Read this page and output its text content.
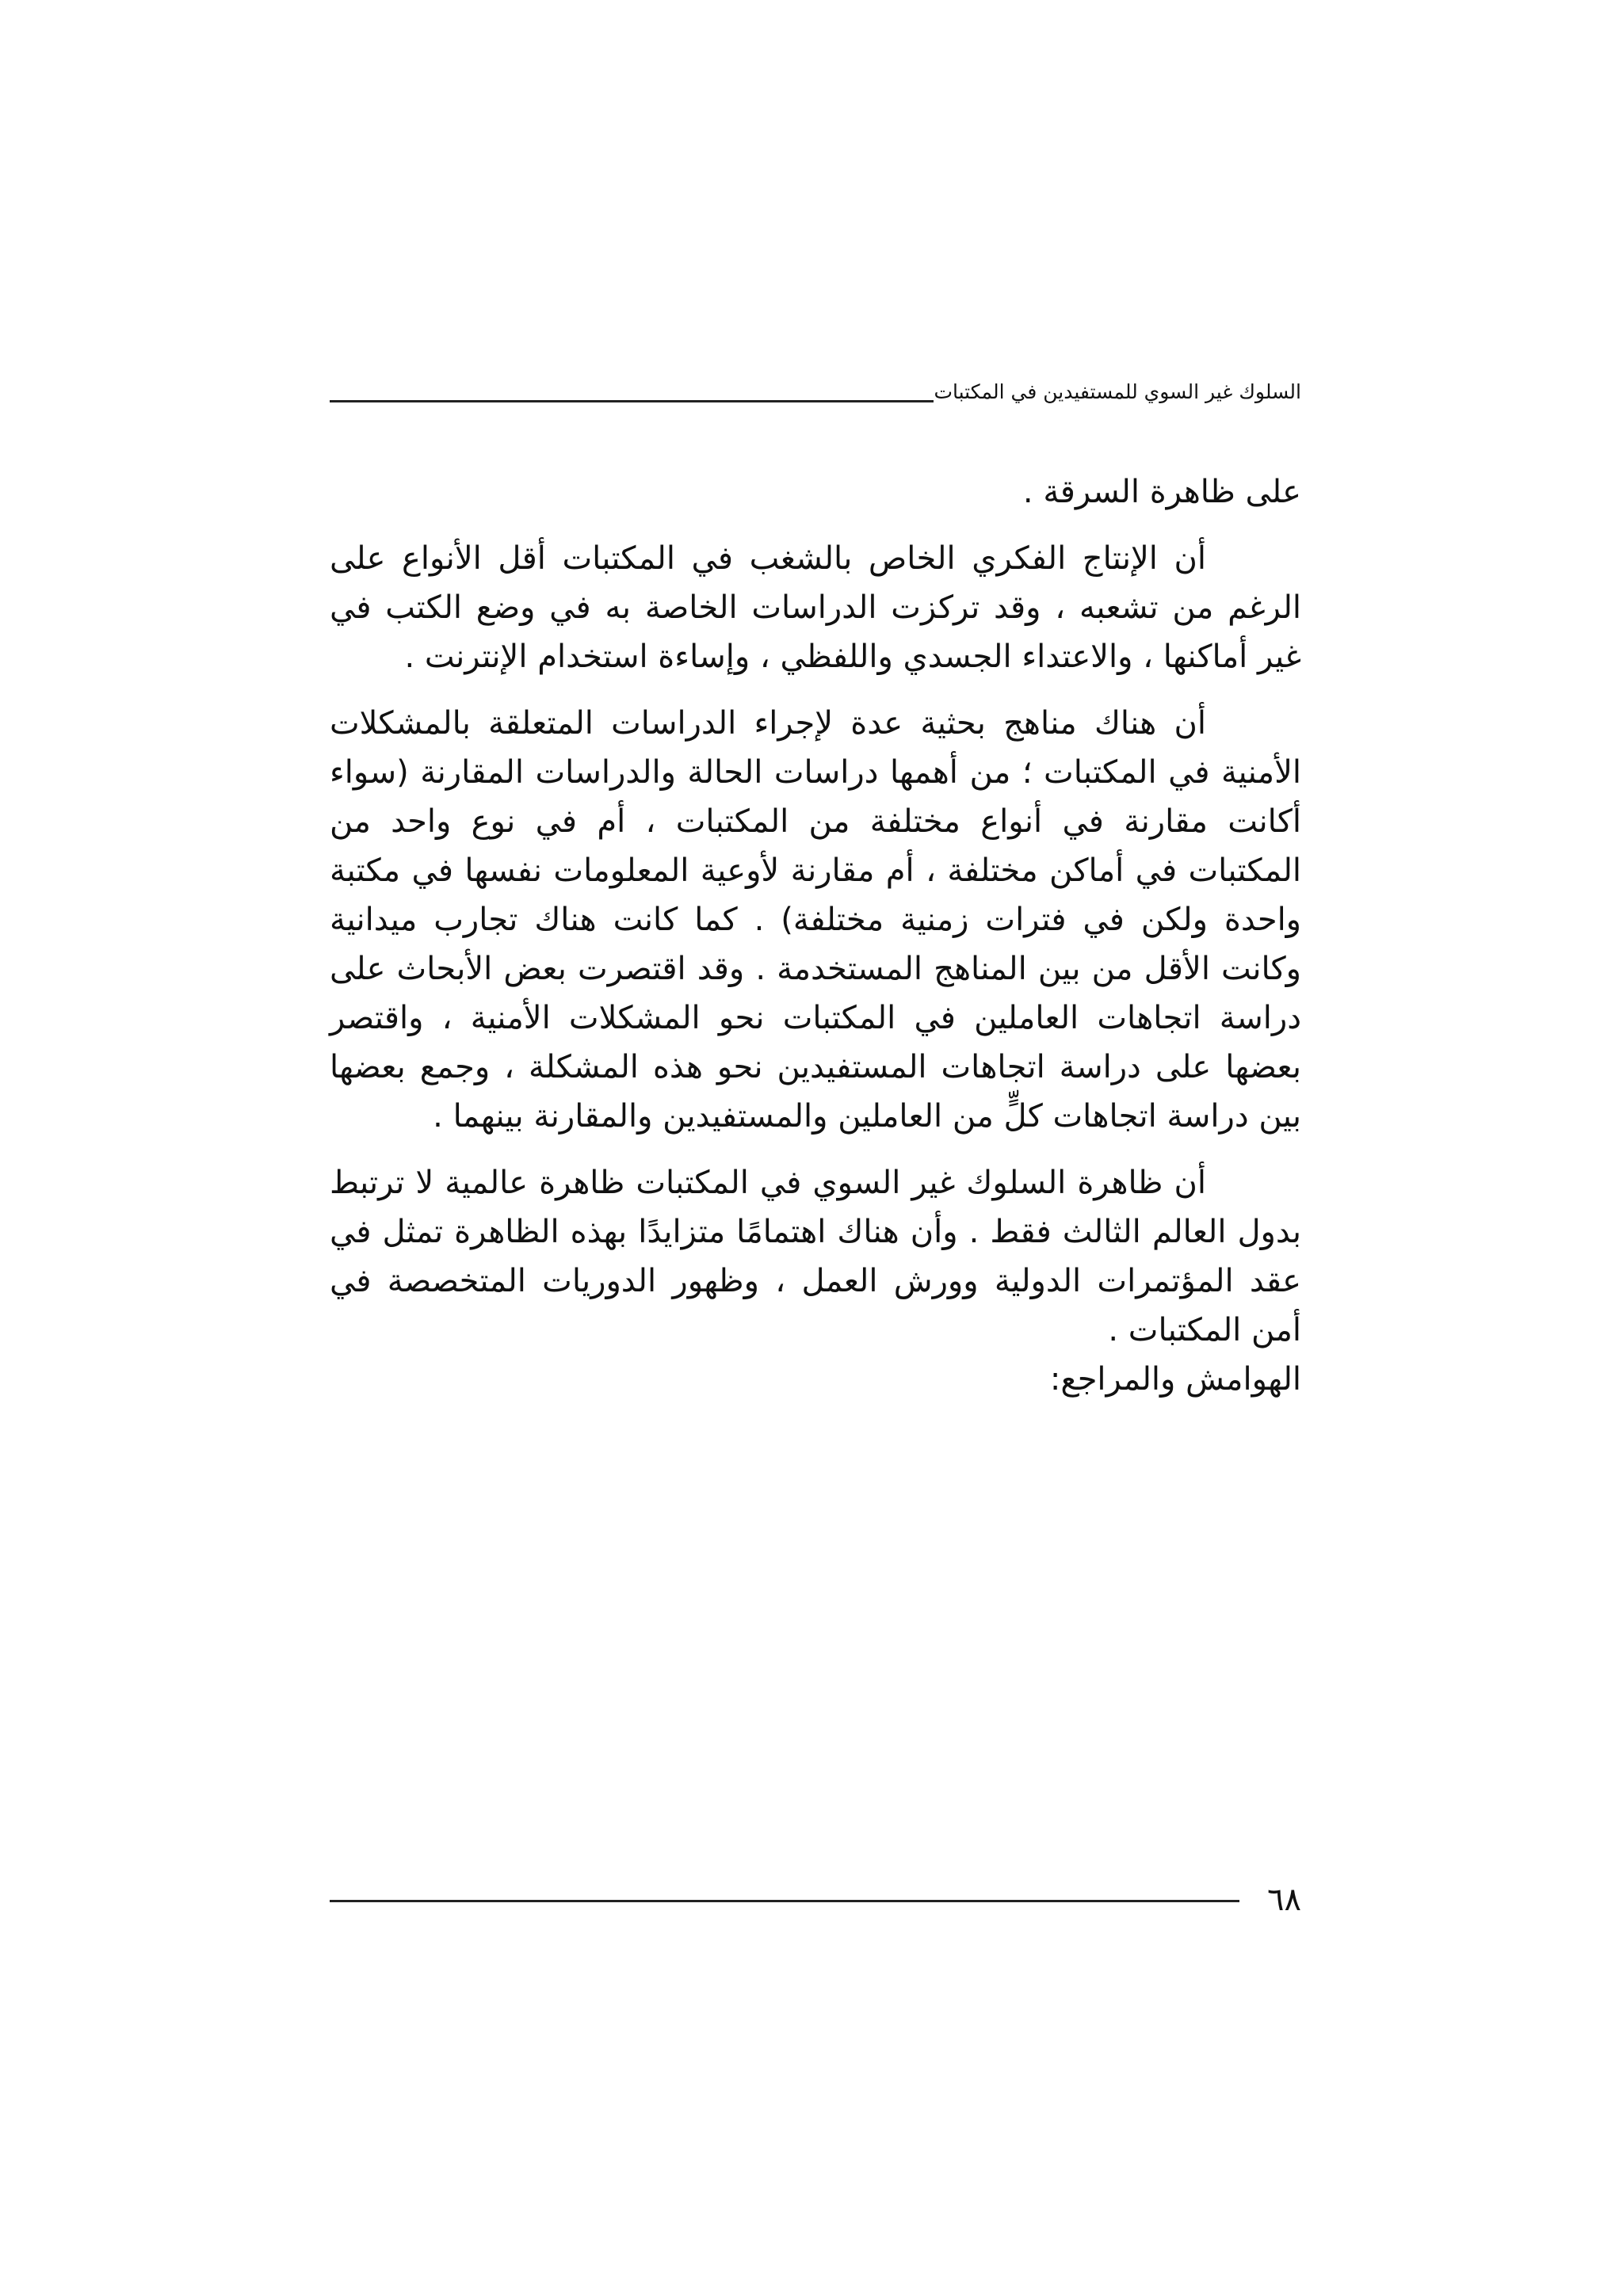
السلوك غير السوي للمستفيدين في المكتبات

على ظاهرة السرقة .

أن الإنتاج الفكري الخاص بالشغب في المكتبات أقل الأنواع على الرغم من تشعبه ، وقد تركزت الدراسات الخاصة به في وضع الكتب في غير أماكنها ، والاعتداء الجسدي واللفظي ، وإساءة استخدام الإنترنت .

أن هناك مناهج بحثية عدة لإجراء الدراسات المتعلقة بالمشكلات الأمنية في المكتبات ؛ من أهمها دراسات الحالة والدراسات المقارنة (سواء أكانت مقارنة في أنواع مختلفة من المكتبات ، أم في نوع واحد من المكتبات في أماكن مختلفة ، أم مقارنة لأوعية المعلومات نفسها في مكتبة واحدة ولكن في فترات زمنية مختلفة) . كما كانت هناك تجارب ميدانية وكانت الأقل من بين المناهج المستخدمة . وقد اقتصرت بعض الأبحاث على دراسة اتجاهات العاملين في المكتبات نحو المشكلات الأمنية ، واقتصر بعضها على دراسة اتجاهات المستفيدين نحو هذه المشكلة ، وجمع بعضها بين دراسة اتجاهات كلٍّ من العاملين والمستفيدين والمقارنة بينهما .

أن ظاهرة السلوك غير السوي في المكتبات ظاهرة عالمية لا ترتبط بدول العالم الثالث فقط . وأن هناك اهتمامًا متزايدًا بهذه الظاهرة تمثل في عقد المؤتمرات الدولية وورش العمل ، وظهور الدوريات المتخصصة في أمن المكتبات .

الهوامش والمراجع:

٦٨
